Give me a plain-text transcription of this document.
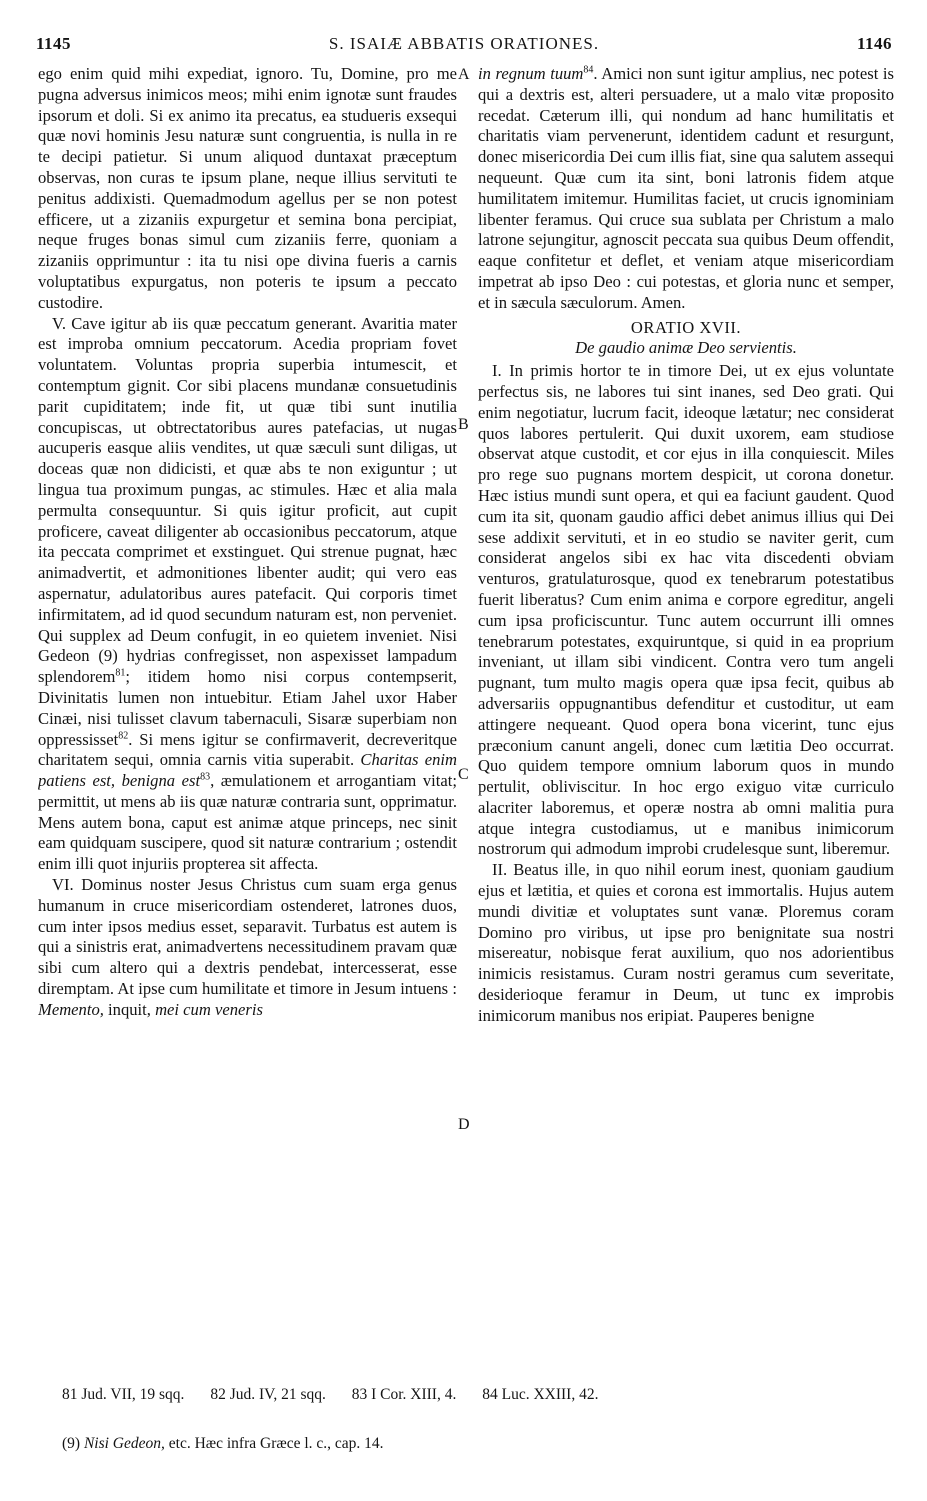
1145	S. ISAIÆ ABBATIS ORATIONES.	1146
A
B
C
D

ego enim quid mihi expediat, ignoro. Tu, Domine, pro me pugna adversus inimicos meos; mihi enim ignotæ sunt fraudes ipsorum et doli. Si ex animo ita precatus, ea studueris exsequi quæ novi hominis Jesu naturæ sunt congruentia, is nulla in re te decipi patietur. Si unum aliquod duntaxat præceptum observas, non curas te ipsum plane, neque illius servituti te penitus addixisti. Quemadmodum agellus per se non potest efficere, ut a zizaniis expurgetur et semina bona percipiat, neque fruges bonas simul cum zizaniis ferre, quoniam a zizaniis opprimuntur : ita tu nisi ope divina fueris a carnis voluptatibus expurgatus, non poteris te ipsum a peccato custodire.

V. Cave igitur ab iis quæ peccatum generant. Avaritia mater est improba omnium peccatorum. Acedia propriam fovet voluntatem. Voluntas propria superbia intumescit, et contemptum gignit. Cor sibi placens mundanæ consuetudinis parit cupiditatem; inde fit, ut quæ tibi sunt inutilia concupiscas, ut obtrectatoribus aures patefacias, ut nugas aucuperis easque aliis vendites, ut quæ sæculi sunt diligas, ut doceas quæ non didicisti, et quæ abs te non exiguntur ; ut lingua tua proximum pungas, ac stimules. Hæc et alia mala permulta consequuntur. Si quis igitur proficit, aut cupit proficere, caveat diligenter ab occasionibus peccatorum, atque ita peccata comprimet et exstinguet. Qui strenue pugnat, hæc animadvertit, et admonitiones libenter audit; qui vero eas aspernatur, adulatoribus aures patefacit. Qui corporis timet infirmitatem, ad id quod secundum naturam est, non perveniet. Qui supplex ad Deum confugit, in eo quietem inveniet. Nisi Gedeon (9) hydrias confregisset, non aspexisset lampadum splendorem$^{81}$; itidem homo nisi corpus contempserit, Divinitatis lumen non intuebitur. Etiam Jahel uxor Haber Cinæi, nisi tulisset clavum tabernaculi, Sisaræ superbiam non oppressisset$^{82}$. Si mens igitur se confirmaverit, decreveritque charitatem sequi, omnia carnis vitia superabit. Charitas enim patiens est, benigna est$^{83}$, æmulationem et arrogantiam vitat; permittit, ut mens ab iis quæ naturæ contraria sunt, opprimatur. Mens autem bona, caput est animæ atque princeps, nec sinit eam quidquam suscipere, quod sit naturæ contrarium ; ostendit enim illi quot injuriis propterea sit affecta.

VI. Dominus noster Jesus Christus cum suam erga genus humanum in cruce misericordiam ostenderet, latrones duos, cum inter ipsos medius esset, separavit. Turbatus est autem is qui a sinistris erat, animadvertens necessitudinem pravam quæ sibi cum altero qui a dextris pendebat, intercesserat, esse diremptam. At ipse cum humilitate et timore in Jesum intuens : Memento, inquit, mei cum veneris

in regnum tuum$^{84}$. Amici non sunt igitur amplius, nec potest is qui a dextris est, alteri persuadere, ut a malo vitæ proposito recedat. Cæterum illi, qui nondum ad hanc humilitatis et charitatis viam pervenerunt, identidem cadunt et resurgunt, donec misericordia Dei cum illis fiat, sine qua salutem assequi nequeunt. Quæ cum ita sint, boni latronis fidem atque humilitatem imitemur. Humilitas faciet, ut crucis ignominiam libenter feramus. Qui cruce sua sublata per Christum a malo latrone sejungitur, agnoscit peccata sua quibus Deum offendit, eaque confitetur et deflet, et veniam atque misericordiam impetrat ab ipso Deo : cui potestas, et gloria nunc et semper, et in sæcula sæculorum. Amen.

ORATIO XVII.

De gaudio animæ Deo servientis.

I. In primis hortor te in timore Dei, ut ex ejus voluntate perfectus sis, ne labores tui sint inanes, sed Deo grati. Qui enim negotiatur, lucrum facit, ideoque lætatur; nec considerat quos labores pertulerit. Qui duxit uxorem, eam studiose observat atque custodit, et cor ejus in illa conquiescit. Miles pro rege suo pugnans mortem despicit, ut corona donetur. Hæc istius mundi sunt opera, et qui ea faciunt gaudent. Quod cum ita sit, quonam gaudio affici debet animus illius qui Dei sese addixit servituti, et in eo studio se naviter gerit, cum considerat angelos sibi ex hac vita discedenti obviam venturos, gratulaturosque, quod ex tenebrarum potestatibus fuerit liberatus? Cum enim anima e corpore egreditur, angeli cum ipsa proficiscuntur. Tunc autem occurrunt illi omnes tenebrarum potestates, exquiruntque, si quid in ea proprium inveniant, ut illam sibi vindicent. Contra vero tum angeli pugnant, tum multo magis opera quæ ipsa fecit, quibus ab adversariis oppugnantibus defenditur et custoditur, ut eam attingere nequeant. Quod opera bona vicerint, tunc ejus præconium canunt angeli, donec cum lætitia Deo occurrat. Quo quidem tempore omnium laborum quos in mundo pertulit, obliviscitur. In hoc ergo exiguo vitæ curriculo alacriter laboremus, et operæ nostra ab omni malitia pura atque integra custodiamus, ut e manibus inimicorum nostrorum qui admodum improbi crudelesque sunt, liberemur.

II. Beatus ille, in quo nihil eorum inest, quoniam gaudium ejus et lætitia, et quies et corona est immortalis. Hujus autem mundi divitiæ et voluptates sunt vanæ. Ploremus coram Domino pro viribus, ut ipse pro benignitate sua nostri misereatur, nobisque ferat auxilium, quo nos adorientibus inimicis resistamus. Curam nostri geramus cum severitate, desiderioque feramur in Deum, ut tunc ex improbis inimicorum manibus nos eripiat. Pauperes benigne

81 Jud. VII, 19 sqq. 82 Jud. IV, 21 sqq. 83 I Cor. XIII, 4. 84 Luc. XXIII, 42.
(9) Nisi Gedeon, etc. Hæc infra Græce l. c., cap. 14.
